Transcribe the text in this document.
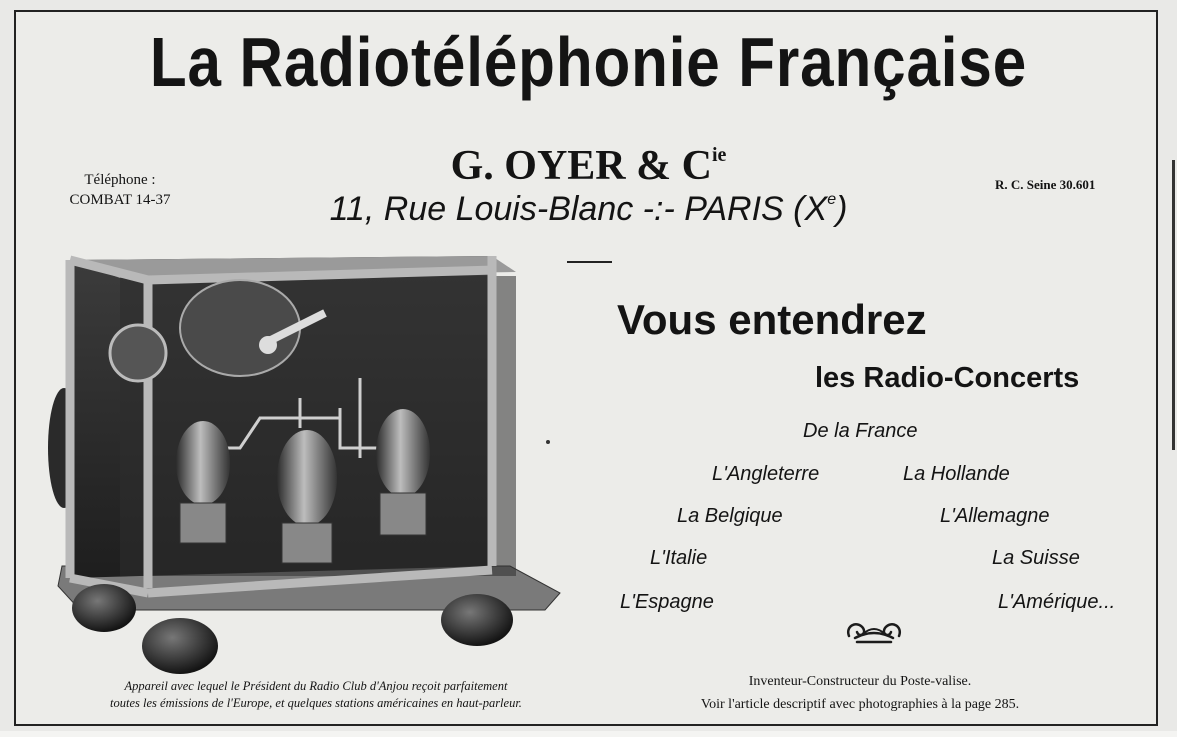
La Radiotéléphonie Française
G. OYER & $C^{ie}$
11, Rue Louis-Blanc -:- PARIS (Xe)
Téléphone :
COMBAT 14-37
R. C. Seine 30.601
Appareil avec lequel le Président du Radio Club d'Anjou reçoit parfaitement
toutes les émissions de l'Europe, et quelques stations américaines en haut-parleur.
Vous entendrez
les Radio-Concerts
De la France
L'Angleterre	La Hollande
La Belgique	L'Allemagne
L'Italie	La Suisse
L'Espagne	L'Amérique...
Inventeur-Constructeur du Poste-valise.
Voir l'article descriptif avec photographies à la page 285.
